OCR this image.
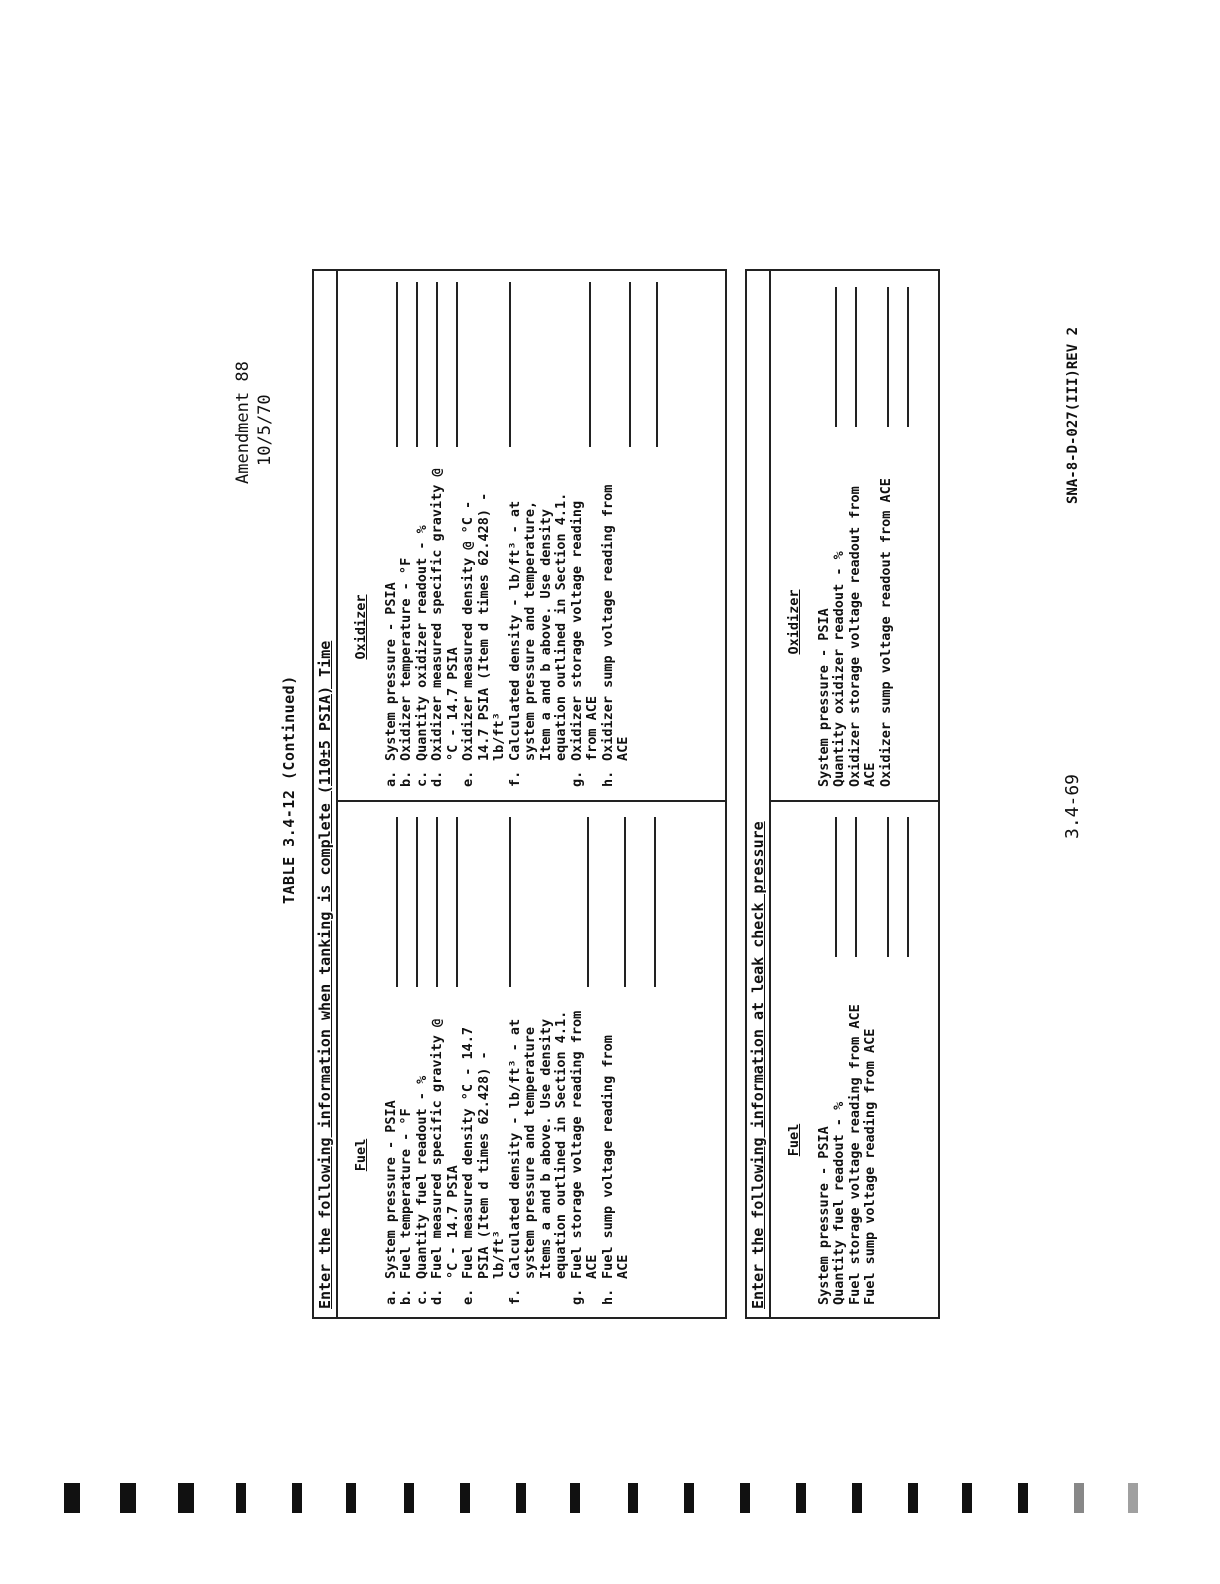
Amendment 88 10/5/70
TABLE 3.4-12 (Continued) Enter the following information when tanking is complete (110±5 PSIA) Time Fuel
a.
System pressure - PSIA
b.
Fuel temperature - °F
c.
Quantity fuel readout - %
d.
Fuel measured specific gravity @ °C - 14.7 PSIA
e.
Fuel measured density °C - 14.7 PSIA (Item d times 62.428) - lb/ft³
f.
Calculated density - lb/ft³ - at system pressure and temperature Items a and b above. Use density equation outlined in Section 4.1.
g.
Fuel storage voltage reading from ACE
h.
Fuel sump voltage reading from ACE
Oxidizer
a.
System pressure - PSIA
b.
Oxidizer temperature - °F
c.
Quantity oxidizer readout - %
d.
Oxidizer measured specific gravity @ °C - 14.7 PSIA
e.
Oxidizer measured density @ °C - 14.7 PSIA (Item d times 62.428) - lb/ft³
f.
Calculated density - lb/ft³ - at system pressure and temperature, Item a and b above. Use density equation outlined in Section 4.1.
g.
Oxidizer storage voltage reading from ACE
h.
Oxidizer sump voltage reading from ACE
Enter the following information at leak check pressure Fuel System pressure - PSIA Quantity fuel readout - % Fuel storage voltage reading from ACE Fuel sump voltage reading from ACE
Oxidizer System pressure - PSIA Quantity oxidizer readout - % Oxidizer storage voltage readout from ACE Oxidizer sump voltage readout from ACE
3.4-69
SNA-8-D-027(III)REV 2
